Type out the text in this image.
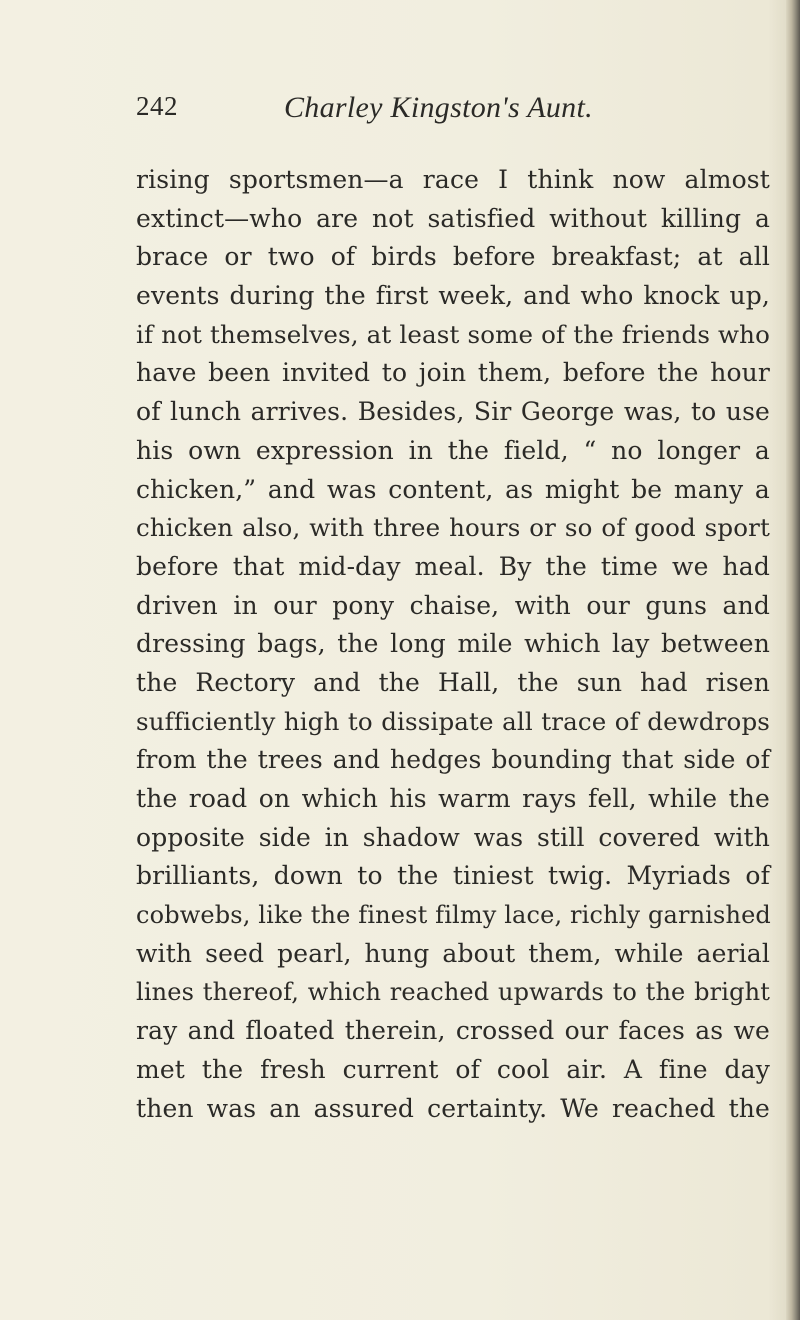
242	Charley Kingston's Aunt.
rising sportsmen—a race I think now almost
extinct—who are not satisfied without killing a
brace or two of birds before breakfast; at all
events during the first week, and who knock up,
if not themselves, at least some of the friends who
have been invited to join them, before the hour
of lunch arrives. Besides, Sir George was, to use
his own expression in the field, “ no longer a
chicken,” and was content, as might be many a
chicken also, with three hours or so of good sport
before that mid-day meal. By the time we had
driven in our pony chaise, with our guns and
dressing bags, the long mile which lay between
the Rectory and the Hall, the sun had risen
sufficiently high to dissipate all trace of dewdrops
from the trees and hedges bounding that side of
the road on which his warm rays fell, while the
opposite side in shadow was still covered with
brilliants, down to the tiniest twig. Myriads of
cobwebs, like the finest filmy lace, richly garnished
with seed pearl, hung about them, while aerial
lines thereof, which reached upwards to the bright
ray and floated therein, crossed our faces as we
met the fresh current of cool air. A fine day
then was an assured certainty. We reached the
